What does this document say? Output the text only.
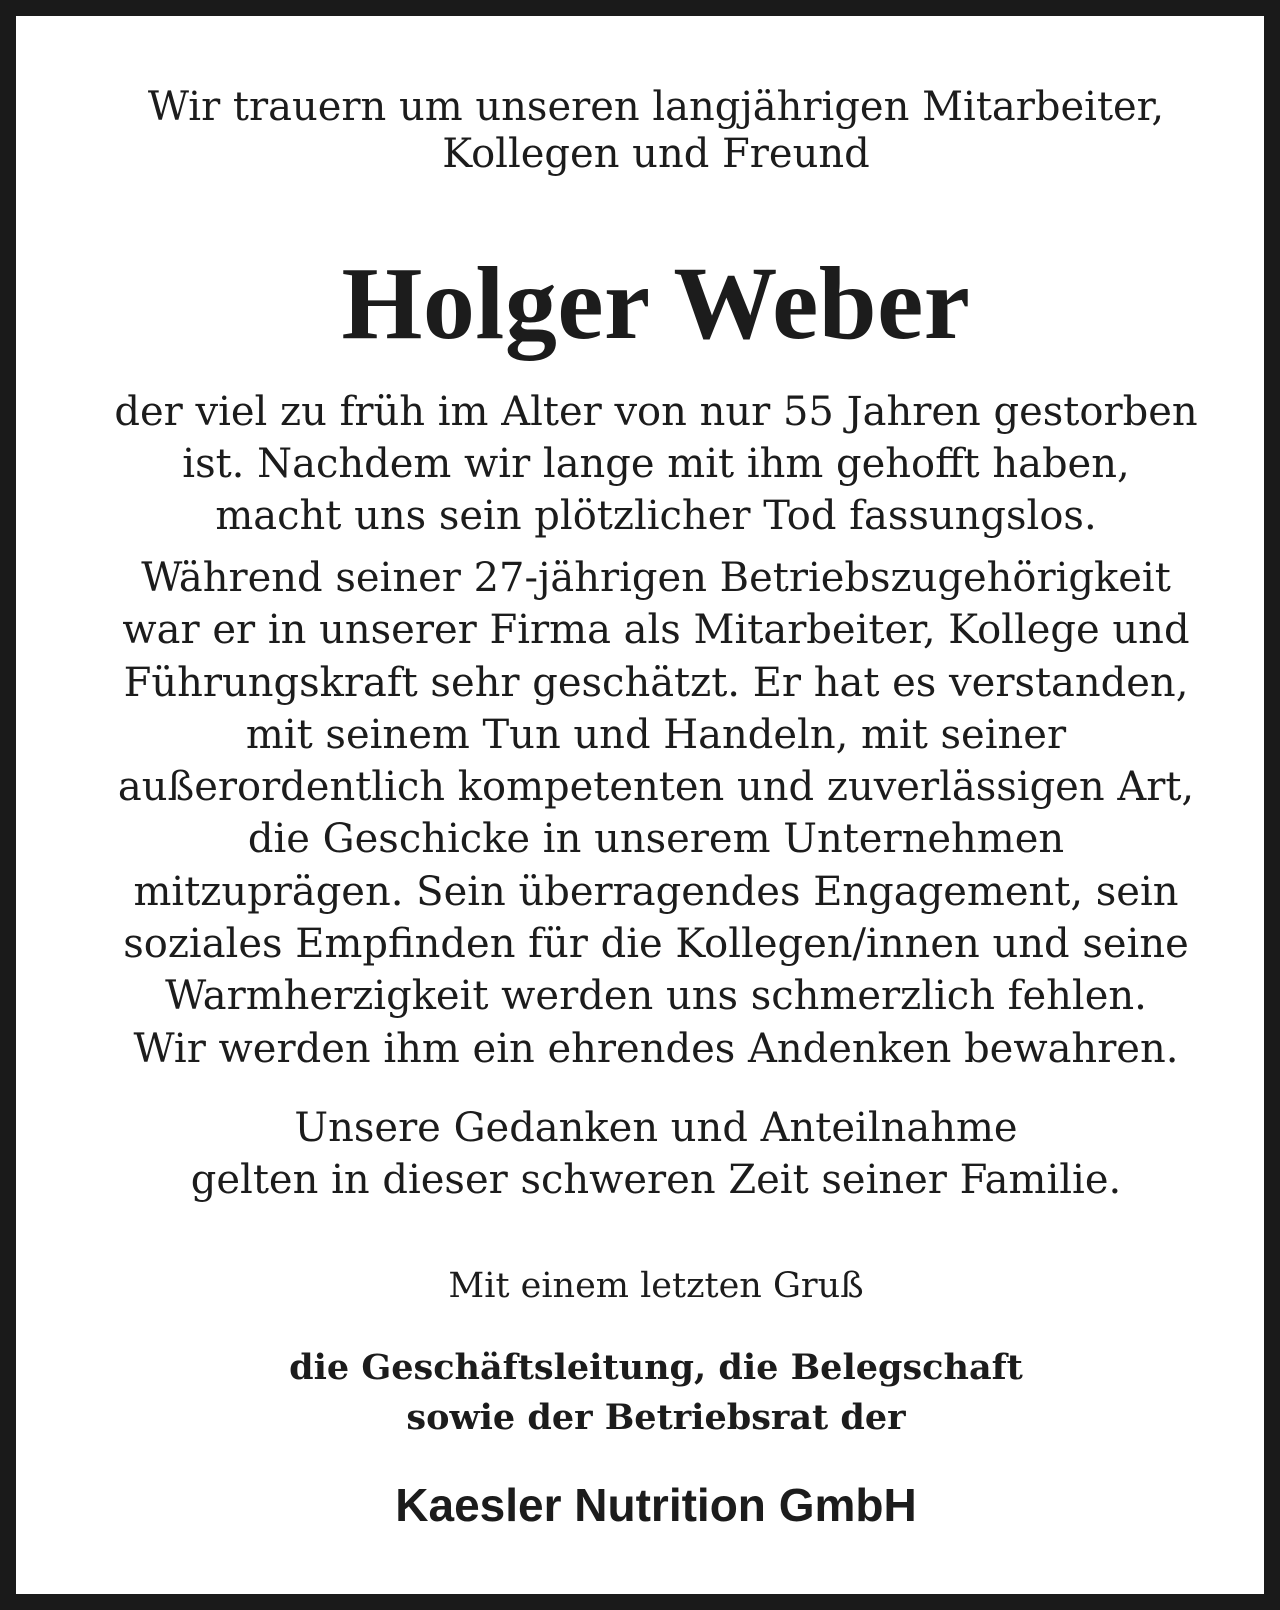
Wir trauern um unseren langjährigen Mitarbeiter,
Kollegen und Freund

Holger Weber

der viel zu früh im Alter von nur 55 Jahren gestorben
ist. Nachdem wir lange mit ihm gehofft haben,
macht uns sein plötzlicher Tod fassungslos.

Während seiner 27-jährigen Betriebszugehörigkeit
war er in unserer Firma als Mitarbeiter, Kollege und
Führungskraft sehr geschätzt. Er hat es verstanden,
mit seinem Tun und Handeln, mit seiner
außerordentlich kompetenten und zuverlässigen Art,
die Geschicke in unserem Unternehmen
mitzuprägen. Sein überragendes Engagement, sein
soziales Empfinden für die Kollegen/innen und seine
Warmherzigkeit werden uns schmerzlich fehlen.
Wir werden ihm ein ehrendes Andenken bewahren.

Unsere Gedanken und Anteilnahme
gelten in dieser schweren Zeit seiner Familie.

Mit einem letzten Gruß

die Geschäftsleitung, die Belegschaft
sowie der Betriebsrat der

Kaesler Nutrition GmbH
